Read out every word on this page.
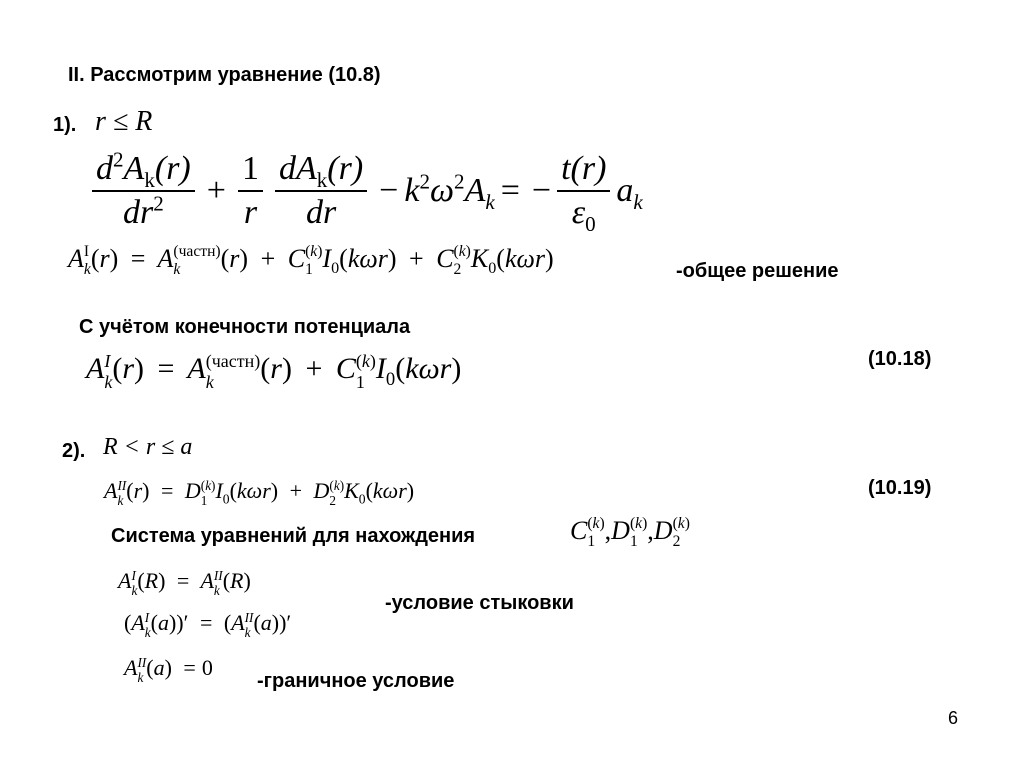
II. Рассмотрим уравнение (10.8)
1). r ≤ R
$\frac{d^2A_k(r)}{dr^2} + \frac{1}{r} \frac{dA_k(r)}{dr} - k^2\omega^2A_k$ = − $\frac{t(r)}{\varepsilon_0} a_k$
A I
k (r) = A (частн)
k	(r) + C (k)
1 $I_0(k\omega r) + C$ (k)
2 $K_0(k\omega r)$	-общее решение
С учётом конечности потенциала
A I
k (r) = A (частн)
k	(r) + C (k)
1 $I_0(k\omega r)$	(10.18)
2). R < r ≤ a
A II
k (r) = D (k)
1 $I_0(k\omega r) + D$ (k)
2 $K_0(k\omega r)$	(10.19)
Система уравнений для нахождения	C (k)
1 ,D (k)
1 ,D (k)
2
A I
k (R) = A II
k (R)
(A I
k (a))′ = (A II
k (a))′
-условие стыковки
A II
k (a) = 0
-граничное условие
6
